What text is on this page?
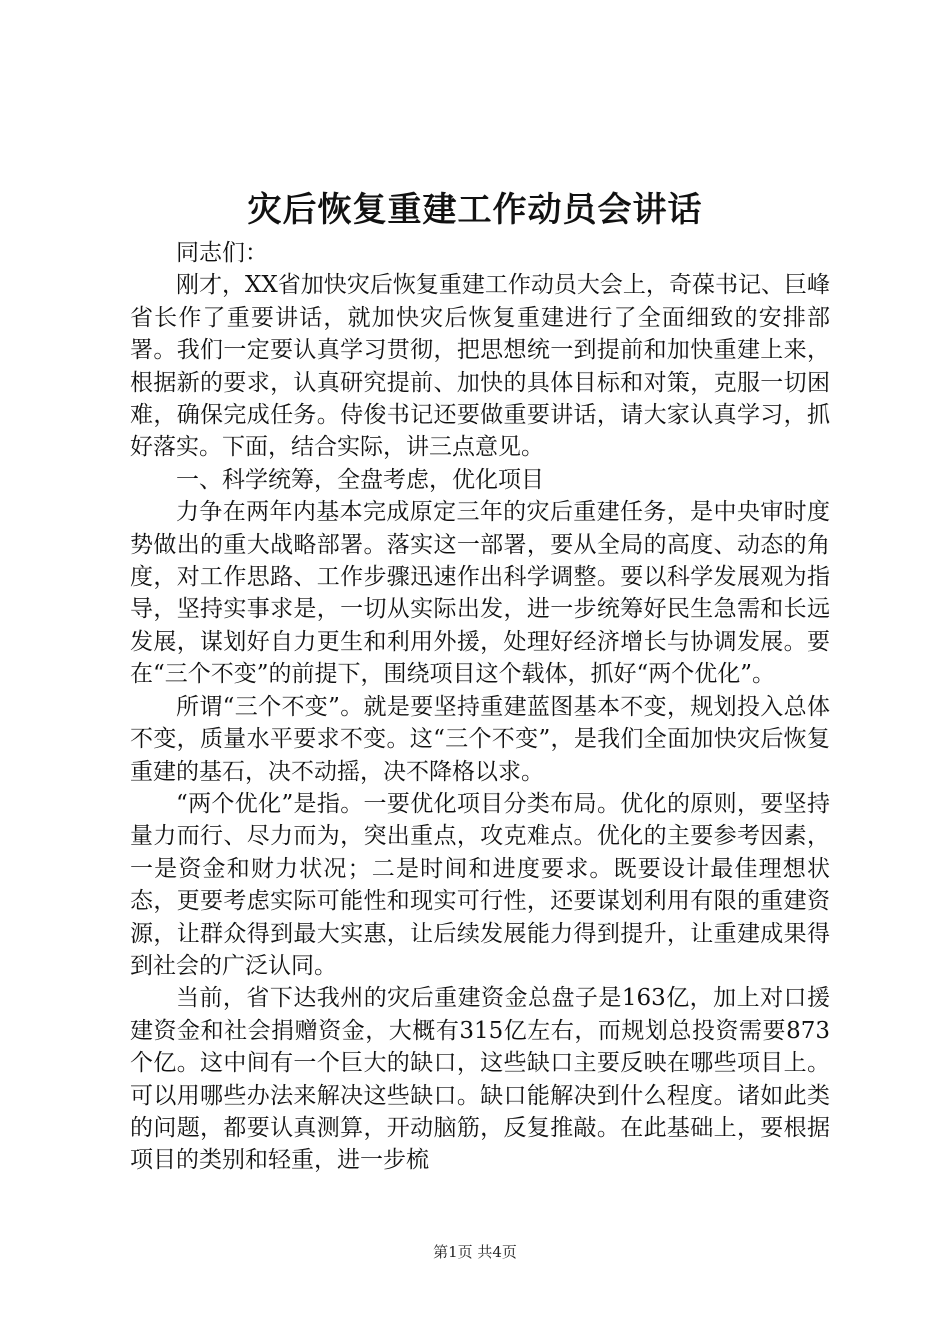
灾后恢复重建工作动员会讲话

同志们：

刚才，XX省加快灾后恢复重建工作动员大会上，奇葆书记、巨峰省长作了重要讲话，就加快灾后恢复重建进行了全面细致的安排部署。我们一定要认真学习贯彻，把思想统一到提前和加快重建上来，根据新的要求，认真研究提前、加快的具体目标和对策，克服一切困难，确保完成任务。侍俊书记还要做重要讲话，请大家认真学习，抓好落实。下面，结合实际，讲三点意见。

一、科学统筹，全盘考虑，优化项目

力争在两年内基本完成原定三年的灾后重建任务，是中央审时度势做出的重大战略部署。落实这一部署，要从全局的高度、动态的角度，对工作思路、工作步骤迅速作出科学调整。要以科学发展观为指导，坚持实事求是，一切从实际出发，进一步统筹好民生急需和长远发展，谋划好自力更生和利用外援，处理好经济增长与协调发展。要在“三个不变”的前提下，围绕项目这个载体，抓好“两个优化”。

所谓“三个不变”。就是要坚持重建蓝图基本不变，规划投入总体不变，质量水平要求不变。这“三个不变”，是我们全面加快灾后恢复重建的基石，决不动摇，决不降格以求。

“两个优化”是指。一要优化项目分类布局。优化的原则，要坚持量力而行、尽力而为，突出重点，攻克难点。优化的主要参考因素，一是资金和财力状况；二是时间和进度要求。既要设计最佳理想状态，更要考虑实际可能性和现实可行性，还要谋划利用有限的重建资源，让群众得到最大实惠，让后续发展能力得到提升，让重建成果得到社会的广泛认同。

当前，省下达我州的灾后重建资金总盘子是163亿，加上对口援建资金和社会捐赠资金，大概有315亿左右，而规划总投资需要873个亿。这中间有一个巨大的缺口，这些缺口主要反映在哪些项目上。可以用哪些办法来解决这些缺口。缺口能解决到什么程度。诸如此类的问题，都要认真测算，开动脑筋，反复推敲。在此基础上，要根据项目的类别和轻重，进一步梳

第1页 共4页
